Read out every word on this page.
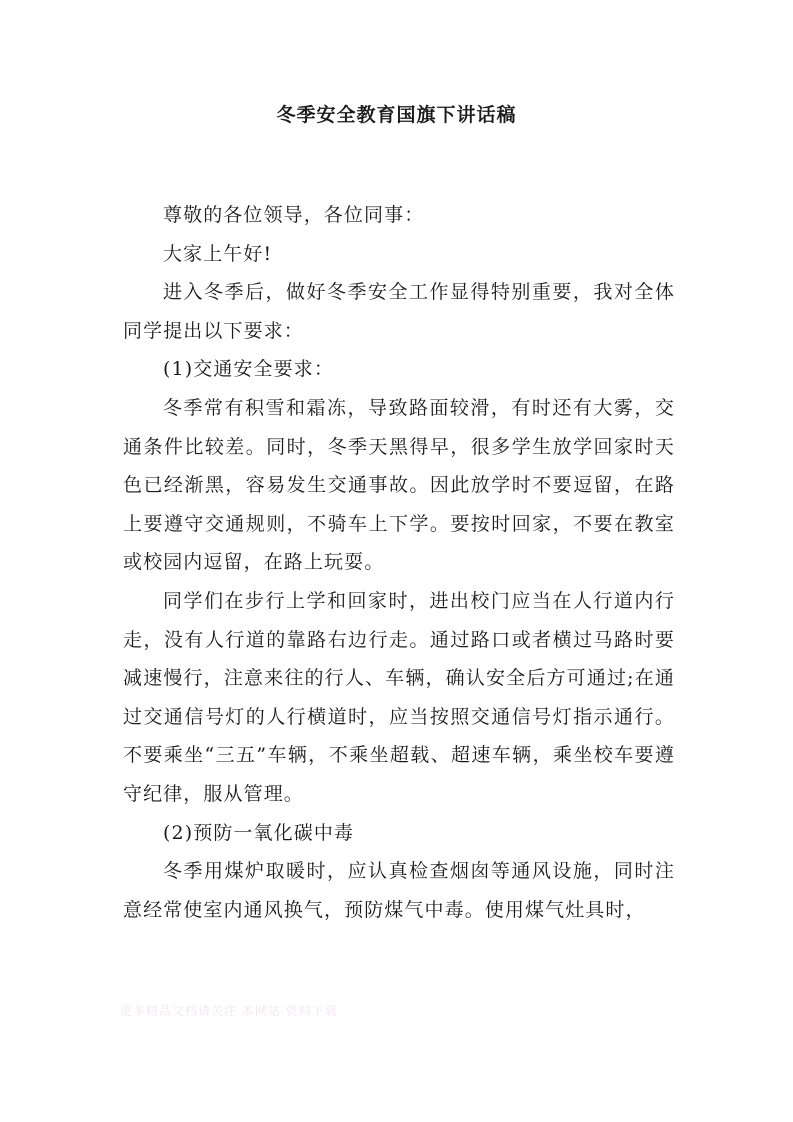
冬季安全教育国旗下讲话稿

尊敬的各位领导，各位同事：

大家上午好!

进入冬季后，做好冬季安全工作显得特别重要，我对全体同学提出以下要求：

(1)交通安全要求：

冬季常有积雪和霜冻，导致路面较滑，有时还有大雾，交通条件比较差。同时，冬季天黑得早，很多学生放学回家时天色已经渐黑，容易发生交通事故。因此放学时不要逗留，在路上要遵守交通规则，不骑车上下学。要按时回家，不要在教室或校园内逗留，在路上玩耍。

同学们在步行上学和回家时，进出校门应当在人行道内行走，没有人行道的靠路右边行走。通过路口或者横过马路时要减速慢行，注意来往的行人、车辆，确认安全后方可通过;在通过交通信号灯的人行横道时，应当按照交通信号灯指示通行。不要乘坐“三五”车辆，不乘坐超载、超速车辆，乘坐校车要遵守纪律，服从管理。

(2)预防一氧化碳中毒

冬季用煤炉取暖时，应认真检查烟囱等通风设施，同时注意经常使室内通风换气，预防煤气中毒。使用煤气灶具时，

更多精品文档请关注 本网站 资料下载
